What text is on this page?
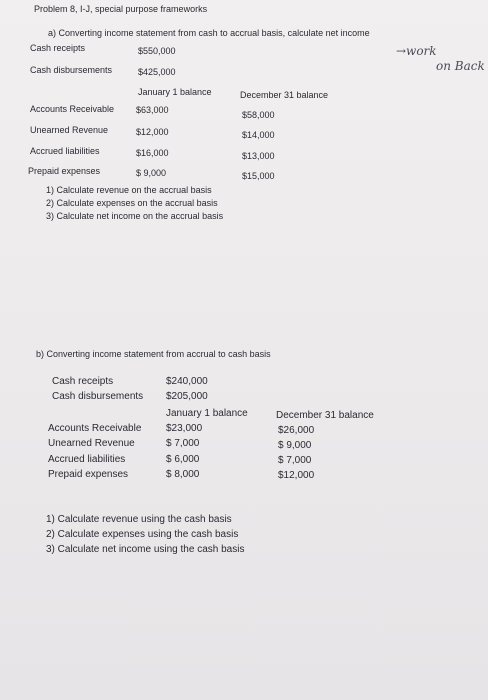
Problem 8, I-J, special purpose frameworks
a) Converting income statement from cash to accrual basis, calculate net income
Cash receipts	$550,000
Cash disbursements	$425,000
January 1 balance	December 31 balance
Accounts Receivable $63,000	$58,000
Unearned Revenue	$12,000	$14,000
Accrued liabilities	$16,000	$13,000
Prepaid expenses	$ 9,000	$15,000
1) Calculate revenue on the accrual basis
2) Calculate expenses on the accrual basis
3) Calculate net income on the accrual basis
→work
on Back
b) Converting income statement from accrual to cash basis
Cash receipts	$240,000
Cash disbursements $205,000
January 1 balance	December 31 balance
Accounts Receivable $23,000	$26,000
Unearned Revenue	$ 7,000	$ 9,000
Accrued liabilities	$ 6,000	$ 7,000
Prepaid expenses	$ 8,000	$12,000
1) Calculate revenue using the cash basis
2) Calculate expenses using the cash basis
3) Calculate net income using the cash basis
